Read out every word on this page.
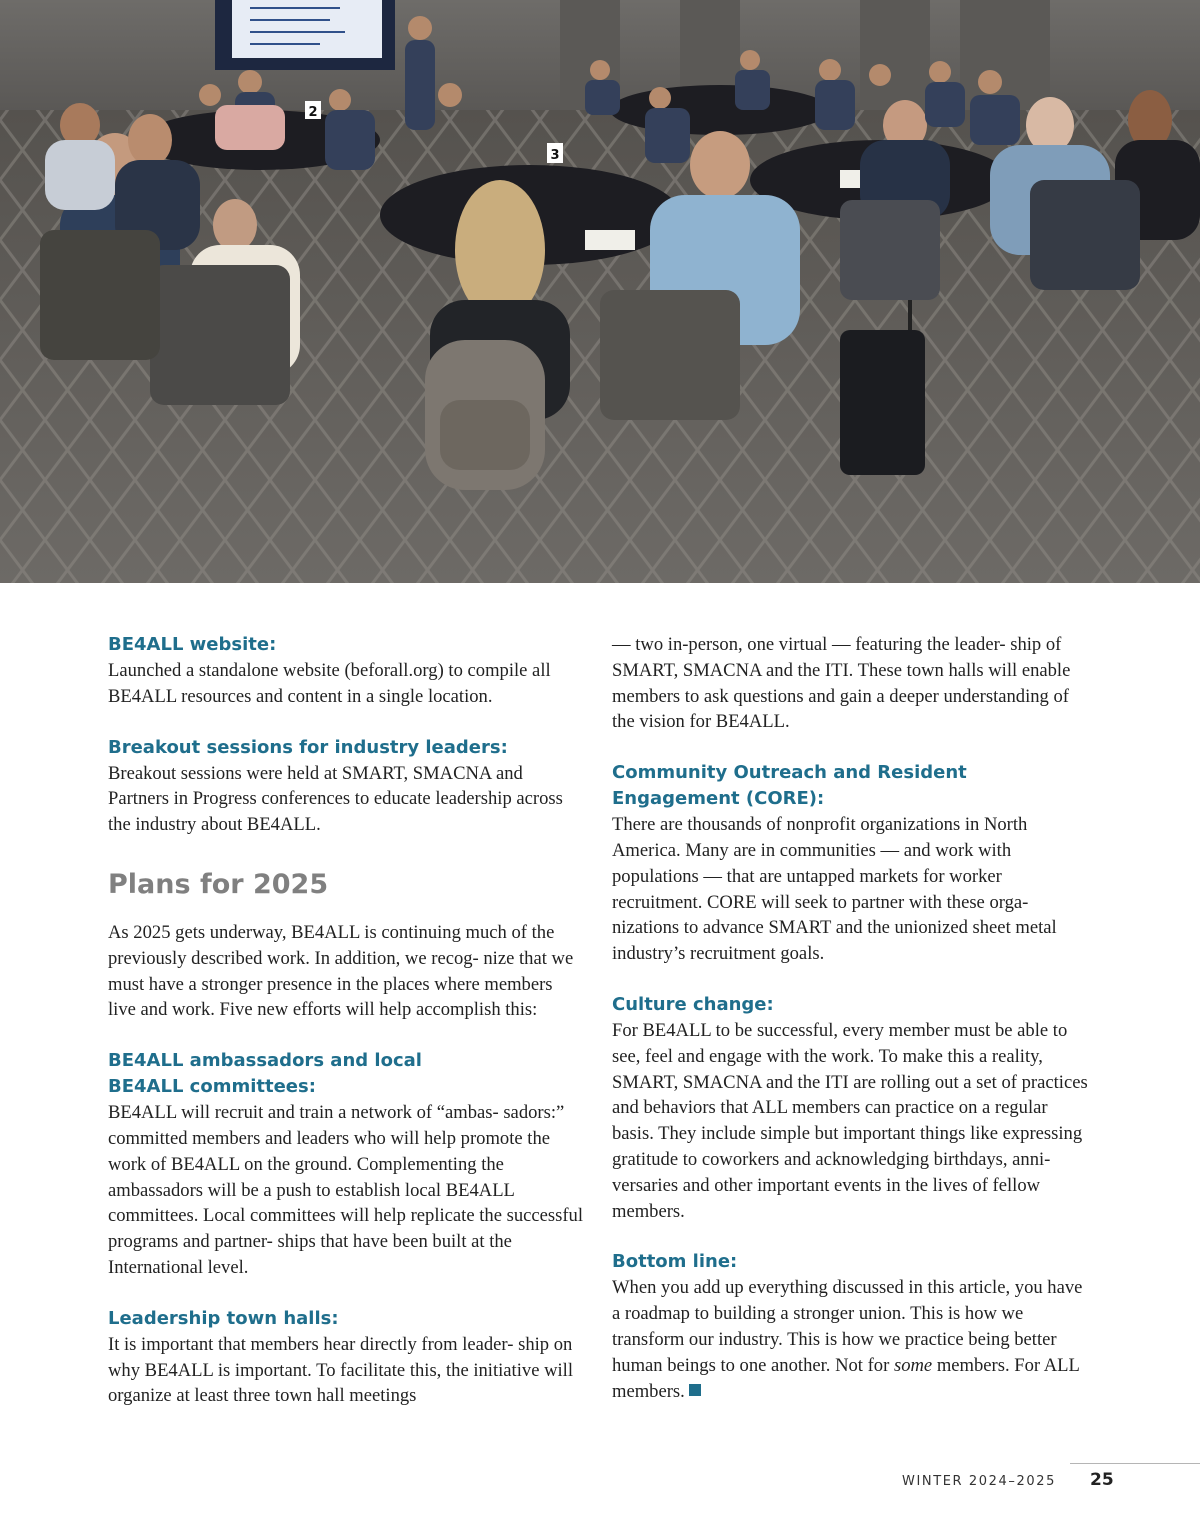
2
3

BE4ALL website:

Launched a standalone website (beforall.org) to compile all BE4ALL resources and content in a single location.

Breakout sessions for industry leaders:

Breakout sessions were held at SMART, SMACNA and Partners in Progress conferences to educate leadership across the industry about BE4ALL.

Plans for 2025

As 2025 gets underway, BE4ALL is continuing much of the previously described work. In addition, we recog- nize that we must have a stronger presence in the places where members live and work. Five new efforts will help accomplish this:

BE4ALL ambassadors and local BE4ALL committees:

BE4ALL will recruit and train a network of “ambas- sadors:” committed members and leaders who will help promote the work of BE4ALL on the ground. Complementing the ambassadors will be a push to establish local BE4ALL committees. Local committees will help replicate the successful programs and partner- ships that have been built at the International level.

Leadership town halls:

It is important that members hear directly from leader- ship on why BE4ALL is important. To facilitate this, the initiative will organize at least three town hall meetings

— two in-person, one virtual — featuring the leader- ship of SMART, SMACNA and the ITI. These town halls will enable members to ask questions and gain a deeper understanding of the vision for BE4ALL.

Community Outreach and Resident Engagement (CORE):

There are thousands of nonprofit organizations in North America. Many are in communities — and work with populations — that are untapped markets for worker recruitment. CORE will seek to partner with these orga- nizations to advance SMART and the unionized sheet metal industry’s recruitment goals.

Culture change:

For BE4ALL to be successful, every member must be able to see, feel and engage with the work. To make this a reality, SMART, SMACNA and the ITI are rolling out a set of practices and behaviors that ALL members can practice on a regular basis. They include simple but important things like expressing gratitude to coworkers and acknowledging birthdays, anni- versaries and other important events in the lives of fellow members.

Bottom line:

When you add up everything discussed in this article, you have a roadmap to building a stronger union. This is how we transform our industry. This is how we practice being better human beings to one another. Not for some members. For ALL members.

WINTER 2024–2025 25
